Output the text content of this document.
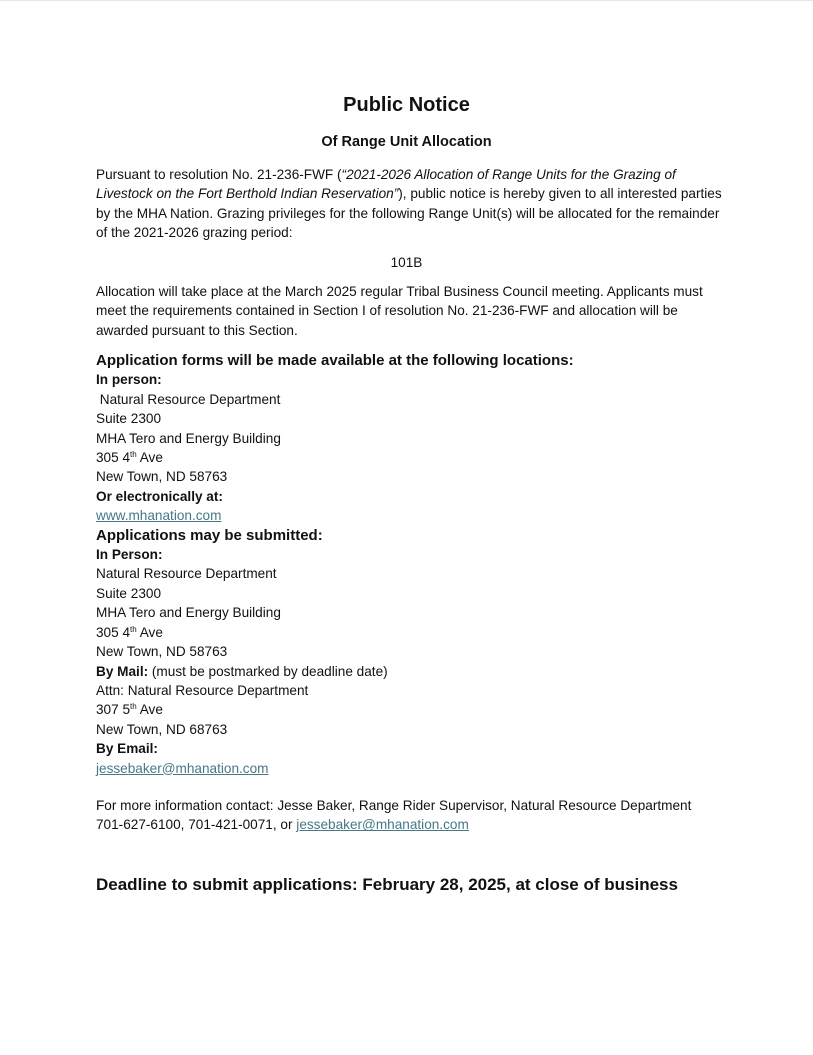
Public Notice
Of Range Unit Allocation
Pursuant to resolution No. 21-236-FWF (“2021-2026 Allocation of Range Units for the Grazing of Livestock on the Fort Berthold Indian Reservation”), public notice is hereby given to all interested parties by the MHA Nation. Grazing privileges for the following Range Unit(s) will be allocated for the remainder of the 2021-2026 grazing period:
101B
Allocation will take place at the March 2025 regular Tribal Business Council meeting. Applicants must meet the requirements contained in Section I of resolution No. 21-236-FWF and allocation will be awarded pursuant to this Section.
Application forms will be made available at the following locations:
In person:
Natural Resource Department
Suite 2300
MHA Tero and Energy Building
305 4th Ave
New Town, ND 58763
Or electronically at:
www.mhanation.com
Applications may be submitted:
In Person:
Natural Resource Department
Suite 2300
MHA Tero and Energy Building
305 4th Ave
New Town, ND 58763
By Mail: (must be postmarked by deadline date)
Attn: Natural Resource Department
307 5th Ave
New Town, ND 68763
By Email:
jessebaker@mhanation.com
For more information contact: Jesse Baker, Range Rider Supervisor, Natural Resource Department 701-627-6100, 701-421-0071, or jessebaker@mhanation.com
Deadline to submit applications: February 28, 2025, at close of business
